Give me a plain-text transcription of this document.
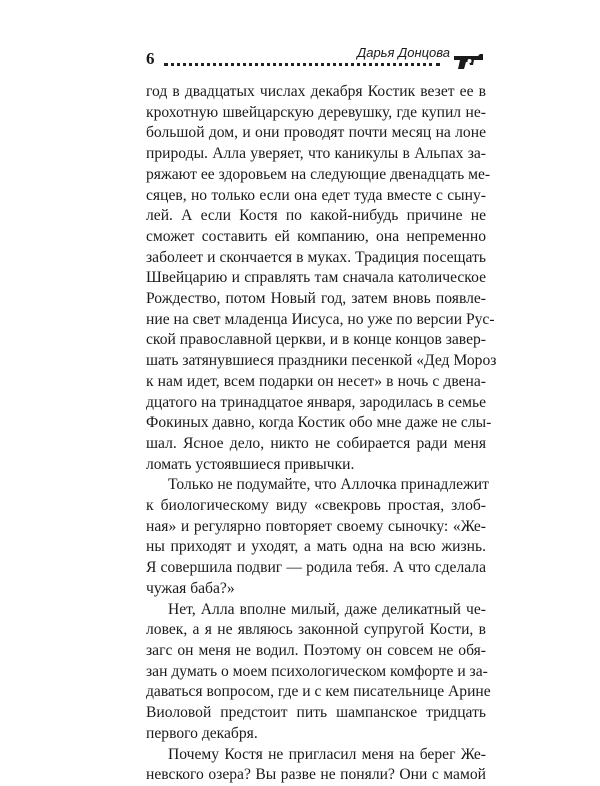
6	Дарья Донцова
год в двадцатых числах декабря Костик везет ее в
крохотную швейцарскую деревушку, где купил не-
большой дом, и они проводят почти месяц на лоне
природы. Алла уверяет, что каникулы в Альпах за-
ряжают ее здоровьем на следующие двенадцать ме-
сяцев, но только если она едет туда вместе с сыну-
лей. А если Костя по какой-нибудь причине не
сможет составить ей компанию, она непременно
заболеет и скончается в муках. Традиция посещать
Швейцарию и справлять там сначала католическое
Рождество, потом Новый год, затем вновь появле-
ние на свет младенца Иисуса, но уже по версии Рус-
ской православной церкви, и в конце концов завер-
шать затянувшиеся праздники песенкой «Дед Мороз
к нам идет, всем подарки он несет» в ночь с двена-
дцатого на тринадцатое января, зародилась в семье
Фокиных давно, когда Костик обо мне даже не слы-
шал. Ясное дело, никто не собирается ради меня
ломать устоявшиеся привычки.
Только не подумайте, что Аллочка принадлежит
к биологическому виду «свекровь простая, злоб-
ная» и регулярно повторяет своему сыночку: «Же-
ны приходят и уходят, а мать одна на всю жизнь.
Я совершила подвиг — родила тебя. А что сделала
чужая баба?»
Нет, Алла вполне милый, даже деликатный че-
ловек, а я не являюсь законной супругой Кости, в
загс он меня не водил. Поэтому он совсем не обя-
зан думать о моем психологическом комфорте и за-
даваться вопросом, где и с кем писательнице Арине
Виоловой предстоит пить шампанское тридцать
первого декабря.
Почему Костя не пригласил меня на берег Же-
невского озера? Вы разве не поняли? Они с мамой
